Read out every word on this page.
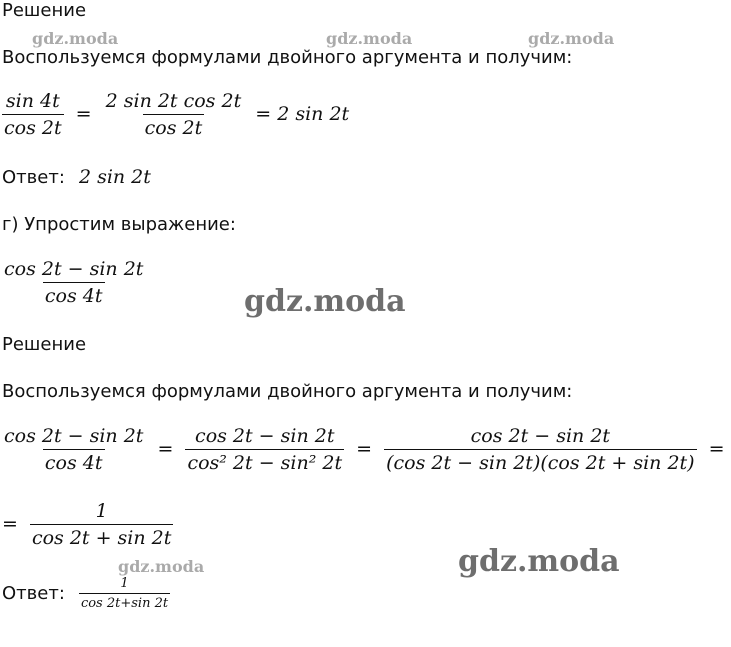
Решение
Воспользуемся формулами двойного аргумента и получим:
$\frac{\sin 4t}{\cos 2t} = \frac{\text{2 sin 2t cos 2t}}{\cos 2t} = 2$ sin 2t
Ответ: 2 sin 2t
г) Упростим выражение:
$\frac{\cos 2t - \sin 2t}{\cos 4t}$
Решение
Воспользуемся формулами двойного аргумента и получим:
$\frac{\cos 2t - \sin 2t}{\cos 4t} = \frac{\cos 2t - \sin 2t}{\text{cos² 2t − sin² 2t}} = \frac{\cos 2t - \sin 2t}{(\cos 2t - \sin 2t)(\cos 2t + \sin 2t)}$ =
= $\frac{1}{\cos 2t + \sin 2t}$
Ответ: $\frac{1}{\cos 2t+\sin 2t}$
gdz.moda	gdz.moda	gdz.moda
gdz.moda
gdz.moda	gdz.moda
